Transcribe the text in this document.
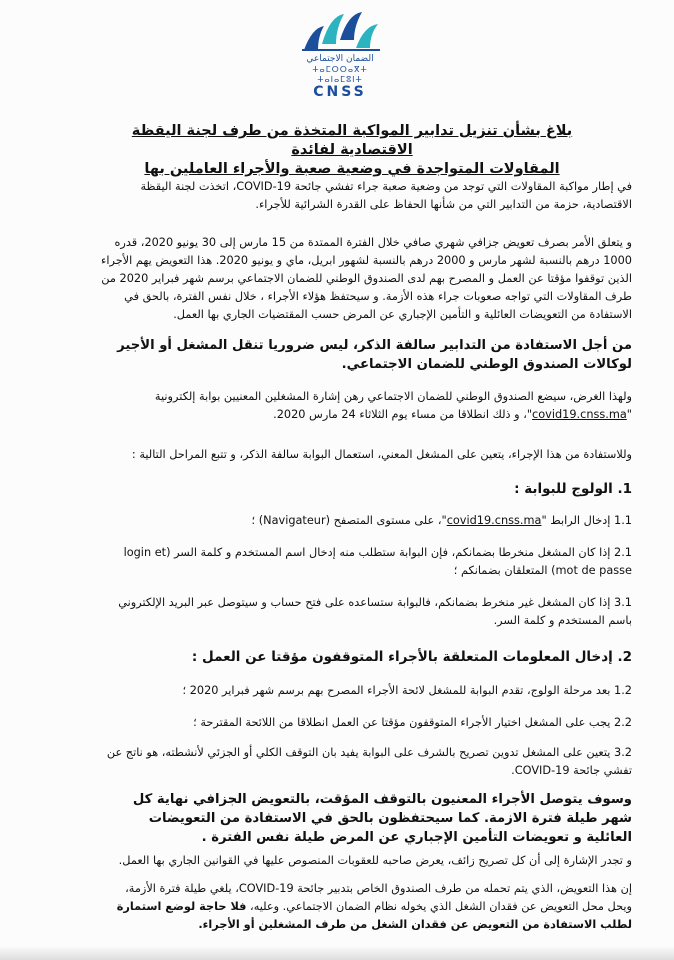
الضمان الاجتماعي
ⵜⴰⵎⵔⵔⴰⴳⵜ ⵜⴰⵏⴰⵎⵓⵏⵜ
CNSS
بلاغ بشأن تنزيل تدابير المواكبة المتخذة من طرف لجنة اليقظة الاقتصادية لفائدة
المقاولات المتواجدة في وضعية صعبة والأجراء العاملين بها

في إطار مواكبة المقاولات التي توجد من وضعية صعبة جراء تفشي جائحة COVID-19، اتخذت لجنة اليقظة الاقتصادية، حزمة من التدابير التي من شأنها الحفاظ على القدرة الشرائية للأجراء.

و يتعلق الأمر بصرف تعويض جزافي شهري صافي خلال الفترة الممتدة من 15 مارس إلى 30 يونيو 2020، قدره 1000 درهم بالنسبة لشهر مارس و 2000 درهم بالنسبة لشهور ابريل، ماي و يونيو 2020. هذا التعويض يهم الأجراء الذين توقفوا مؤقتا عن العمل و المصرح بهم لدى الصندوق الوطني للضمان الاجتماعي برسم شهر فبراير 2020 من طرف المقاولات التي تواجه صعوبات جراء هذه الأزمة. و سيحتفظ هؤلاء الأجراء ، خلال نفس الفترة، بالحق في الاستفادة من التعويضات العائلية و التأمين الإجباري عن المرض حسب المقتضيات الجاري بها العمل.

من أجل الاستفادة من التدابير سالفة الذكر، ليس ضروريا تنقل المشغل أو الأجير لوكالات الصندوق الوطني للضمان الاجتماعي.

ولهذا الغرض، سيضع الصندوق الوطني للضمان الاجتماعي رهن إشارة المشغلين المعنيين بوابة إلكترونية "covid19.cnss.ma"، و ذلك انطلاقا من مساء يوم الثلاثاء 24 مارس 2020.

وللاستفادة من هذا الإجراء، يتعين على المشغل المعني، استعمال البوابة سالفة الذكر، و تتبع المراحل التالية :

1. الولوج للبوابة :

1.1 إدخال الرابط "covid19.cnss.ma"، على مستوى المتصفح (Navigateur) ؛

2.1 إذا كان المشغل منخرطا بضمانكم، فإن البوابة ستطلب منه إدخال اسم المستخدم و كلمة السر (login et mot de passe) المتعلقان بضمانكم ؛

3.1 إذا كان المشغل غير منخرط بضمانكم، فالبوابة ستساعده على فتح حساب و سيتوصل عبر البريد الإلكتروني باسم المستخدم و كلمة السر.

2. إدخال المعلومات المتعلقة بالأجراء المتوقفون مؤقتا عن العمل :

1.2 بعد مرحلة الولوج، تقدم البوابة للمشغل لائحة الأجراء المصرح بهم برسم شهر فبراير 2020 ؛

2.2 يجب على المشغل اختيار الأجراء المتوقفون مؤقتا عن العمل انطلاقا من اللائحة المقترحة ؛

3.2 يتعين على المشغل تدوين تصريح بالشرف على البوابة يفيد بان التوقف الكلي أو الجزئي لأنشطته، هو ناتج عن تفشي جائحة COVID-19.

وسوف يتوصل الأجراء المعنيون بالتوقف المؤقت، بالتعويض الجزافي نهاية كل شهر طيلة فترة الازمة. كما سيحتفظون بالحق في الاستفادة من التعويضات العائلية و تعويضات التأمين الإجباري عن المرض طيلة نفس الفترة .

و تجدر الإشارة إلى أن كل تصريح زائف، يعرض صاحبه للعقوبات المنصوص عليها في القوانين الجاري بها العمل.

إن هذا التعويض، الذي يتم تحمله من طرف الصندوق الخاص بتدبير جائحة COVID-19، يلغي طيلة فترة الأزمة، ويحل محل التعويض عن فقدان الشغل الذي يخوله نظام الضمان الاجتماعي. وعليه، فلا حاجة لوضع استمارة لطلب الاستفادة من التعويض عن فقدان الشغل من طرف المشغلين أو الأجراء.
